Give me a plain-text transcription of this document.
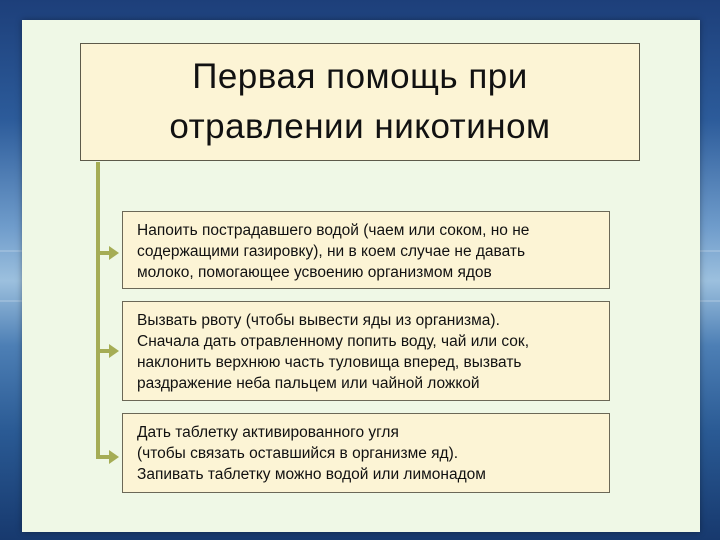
Первая помощь при
отравлении никотином
Напоить пострадавшего водой (чаем или соком, но не
содержащими газировку), ни в коем случае не давать
молоко, помогающее усвоению организмом ядов
Вызвать рвоту (чтобы вывести яды из организма).
Сначала дать отравленному попить воду, чай или сок,
наклонить верхнюю часть туловища вперед, вызвать
раздражение неба пальцем или чайной ложкой
Дать таблетку активированного угля
(чтобы связать оставшийся в организме яд).
Запивать таблетку можно водой или лимонадом
